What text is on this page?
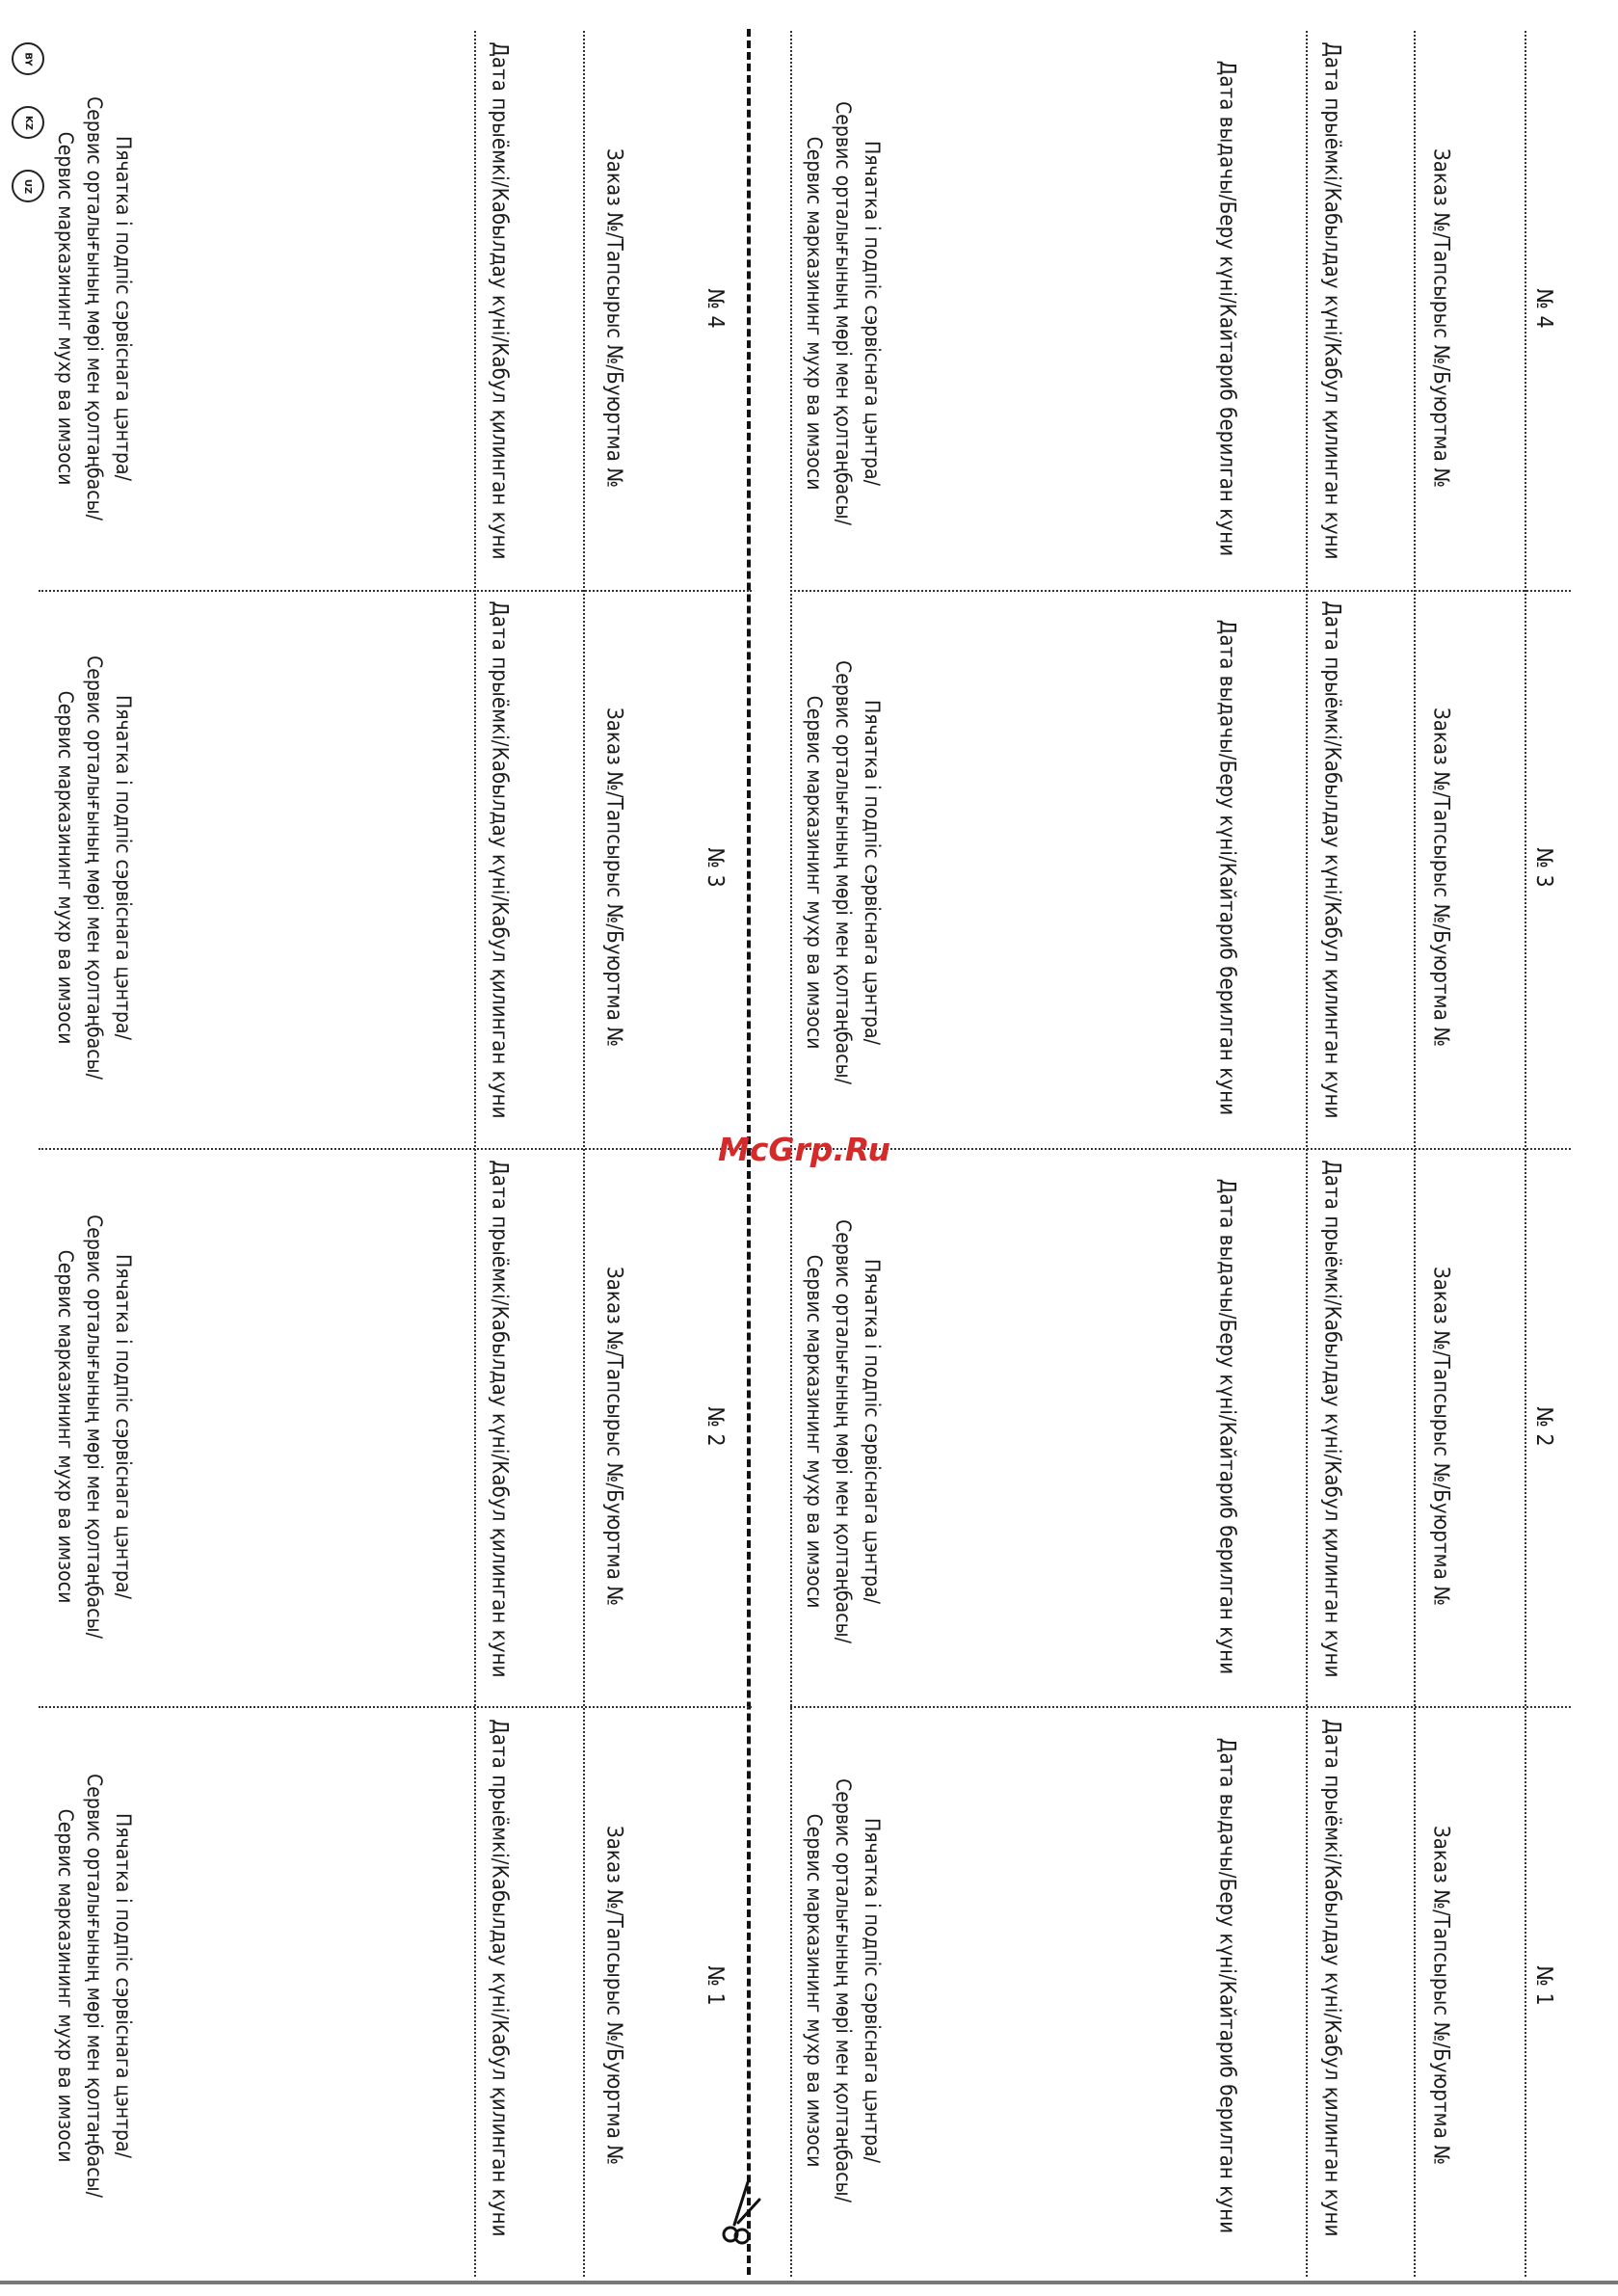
BY
KZ
UZ
№ 4
Заказ №/Тапсырыс №/Буюртма №
Дата прыёмкі/Кабылдау күні/Кабул қилинган куни
Дата выдачы/Беру күні/Кайтариб берилган куни
Пячатка і подпіс сэрвіснага цэнтра/
Сервис орталығының мөрі мен қолтаңбасы/
Сервис марказининг мухр ва имзоси
№ 4
Заказ №/Тапсырыс №/Буюртма №
Дата прыёмкі/Кабылдау күні/Кабул қилинган куни
Пячатка і подпіс сэрвіснага цэнтра/
Сервис орталығының мөрі мен қолтаңбасы/
Сервис марказининг мухр ва имзоси
№ 3
Заказ №/Тапсырыс №/Буюртма №
Дата прыёмкі/Кабылдау күні/Кабул қилинган куни
Дата выдачы/Беру күні/Кайтариб берилган куни
Пячатка і подпіс сэрвіснага цэнтра/
Сервис орталығының мөрі мен қолтаңбасы/
Сервис марказининг мухр ва имзоси
№ 3
Заказ №/Тапсырыс №/Буюртма №
Дата прыёмкі/Кабылдау күні/Кабул қилинган куни
Пячатка і подпіс сэрвіснага цэнтра/
Сервис орталығының мөрі мен қолтаңбасы/
Сервис марказининг мухр ва имзоси
№ 2
Заказ №/Тапсырыс №/Буюртма №
Дата прыёмкі/Кабылдау күні/Кабул қилинган куни
Дата выдачы/Беру күні/Кайтариб берилган куни
Пячатка і подпіс сэрвіснага цэнтра/
Сервис орталығының мөрі мен қолтаңбасы/
Сервис марказининг мухр ва имзоси
№ 2
Заказ №/Тапсырыс №/Буюртма №
Дата прыёмкі/Кабылдау күні/Кабул қилинган куни
Пячатка і подпіс сэрвіснага цэнтра/
Сервис орталығының мөрі мен қолтаңбасы/
Сервис марказининг мухр ва имзоси
№ 1
Заказ №/Тапсырыс №/Буюртма №
Дата прыёмкі/Кабылдау күні/Кабул қилинган куни
Дата выдачы/Беру күні/Кайтариб берилган куни
Пячатка і подпіс сэрвіснага цэнтра/
Сервис орталығының мөрі мен қолтаңбасы/
Сервис марказининг мухр ва имзоси
№ 1
Заказ №/Тапсырыс №/Буюртма №
Дата прыёмкі/Кабылдау күні/Кабул қилинган куни
Пячатка і подпіс сэрвіснага цэнтра/
Сервис орталығының мөрі мен қолтаңбасы/
Сервис марказининг мухр ва имзоси
McGrp.Ru
